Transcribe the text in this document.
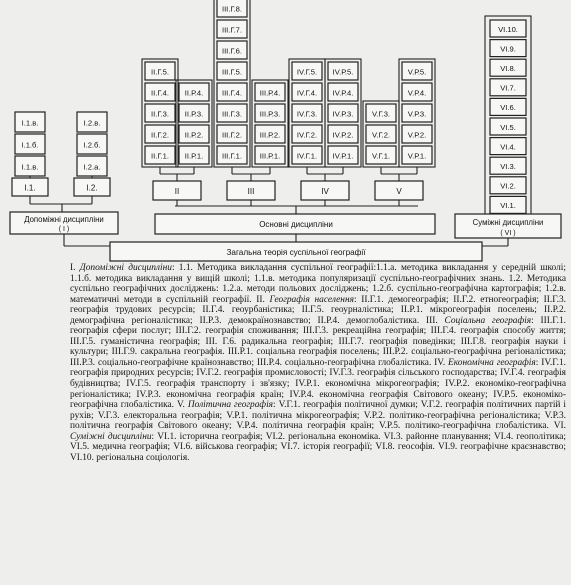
I.1.в.
I.1.б.
I.1.в.
I.1.
I.2.в.
I.2.б.
I.2.а.
I.2.
Допоміжні дисципліни
( I )
II.Г.5.
II.Г.4.
II.Г.3.
II.Г.2.
II.Г.1.
II.Р.4.
II.Р.3.
II.Р.2.
II.Р.1.
II
III.Г.8.
III.Г.7.
III.Г.6.
III.Г.5.
III.Г.4.
III.Г.3.
III.Г.2.
III.Г.1.
III.Р.4.
III.Р.3.
III.Р.2.
III.Р.1.
III
IV.Г.5.
IV.Г.4.
IV.Г.3.
IV.Г.2.
IV.Г.1.
IV.Р.5.
IV.Р.4.
IV.Р.3.
IV.Р.2.
IV.Р.1.
IV
V.Г.3.
V.Г.2.
V.Г.1.
V.Р.5.
V.Р.4.
V.Р.3.
V.Р.2.
V.Р.1.
V
Основні дисципліни
VI.10.
VI.9.
VI.8.
VI.7.
VI.6.
VI.5.
VI.4.
VI.3.
VI.2.
VI.1.
Суміжні дисципліни
( VI )
Загальна теорія суспільної географії
I. Допоміжні дисципліни: 1.1. Методика викладання суспільної географії:1.1.а. методика викладання у середній школі; 1.1.б. методика викладання у вищій школі; 1.1.в. методика популяризації суспільно-географічних знань. 1.2. Методика суспільно географічних досліджень: 1.2.а. методи польових досліджень; 1.2.б. суспільно-географічна картографія; 1.2.в. математичні методи в суспільній географії. II. Географія населення: II.Г.1. демогеографія; II.Г.2. етногеографія; II.Г.3. географія трудових ресурсів; II.Г.4. геоурбаністика; II.Г.5. геоурналістика; II.Р.1. мікрогеографія поселень; II.Р.2. демографічна регіоналістика; II.Р.3. демокраїнознавство; II.Р.4. демоглобалістика. III. Соціальна географія: III.Г.1. географія сфери послуг; III.Г.2. географія споживання; III.Г.3. рекреаційна географія; III.Г.4. географія способу життя; III.Г.5. гуманістична географія; III. Г.6. радикальна географія; III.Г.7. географія поведінки; III.Г.8. географія науки і культури; III.Г.9. сакральна географія. III.Р.1. соціальна географія поселень; III.Р.2. соціально-географічна регіоналістика; III.Р.3. соціально-географічне країнознавство; III.Р.4. соціально-географічна глобалістика. IV. Економічна географія: IV.Г.1. географія природних ресурсів; IV.Г.2. географія промисловості; IV.Г.3. географія сільського господарства; IV.Г.4. географія будівництва; IV.Г.5. географія транспорту і зв'язку; IV.Р.1. економічна мікрогеографія; IV.Р.2. економіко-географічна регіоналістика; IV.Р.3. економічна географія країн; IV.Р.4. економічна географія Світового океану; IV.Р.5. економіко-географічна глобалістика. V. Політична географія: V.Г.1. географія політичної думки; V.Г.2. географія політичних партій і рухів; V.Г.3. електоральна географія; V.Р.1. політична мікрогеографія; V.Р.2. політико-географічна регіоналістика; V.Р.3. політична географія Світового океану; V.Р.4. політична географія країн; V.Р.5. політико-географічна глобалістика. VI. Суміжні дисципліни: VI.1. історична географія; VI.2. регіональна економіка. VI.3. районне планування; VI.4. геополітика; VI.5. медична географія; VI.6. військова географія; VI.7. історія географії; VI.8. геософія. VI.9. географічне краєзнавство; VI.10. регіональна соціологія.
